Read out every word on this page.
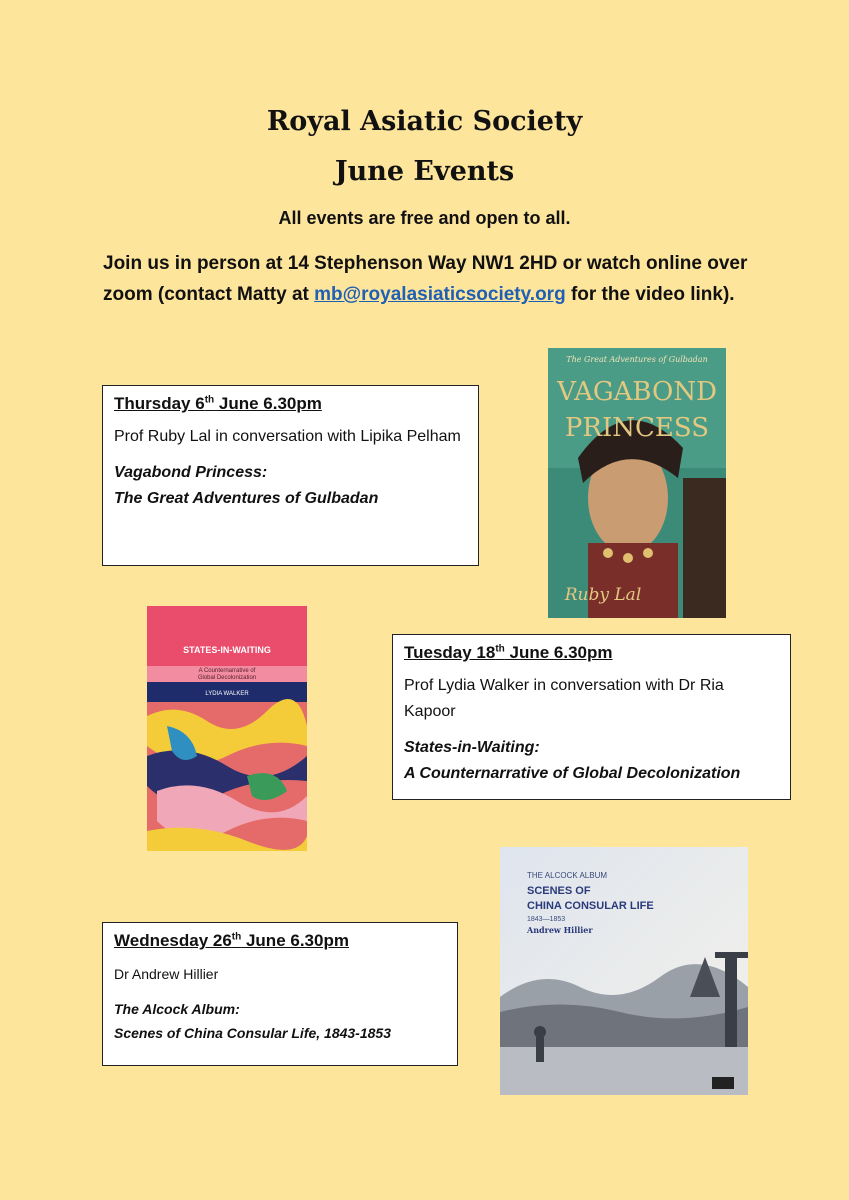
Royal Asiatic Society
June Events

All events are free and open to all.

Join us in person at 14 Stephenson Way NW1 2HD or watch online over zoom (contact Matty at mb@royalasiaticsociety.org for the video link).

Thursday 6th June 6.30pm

Prof Ruby Lal in conversation with Lipika Pelham

Vagabond Princess:
The Great Adventures of Gulbadan

Tuesday 18th June 6.30pm

Prof Lydia Walker in conversation with Dr Ria Kapoor

States-in-Waiting:
A Counternarrative of Global Decolonization

Wednesday 26th June 6.30pm

Dr Andrew Hillier

The Alcock Album:
Scenes of China Consular Life, 1843-1853

The Great Adventures of Gulbadan
VAGABOND
PRINCESS
Ruby Lal
STATES-IN-WAITING
A Counternarrative of
Global Decolonization
LYDIA WALKER
THE ALCOCK ALBUM
SCENES OF
CHINA CONSULAR LIFE
1843—1853
Andrew Hillier
